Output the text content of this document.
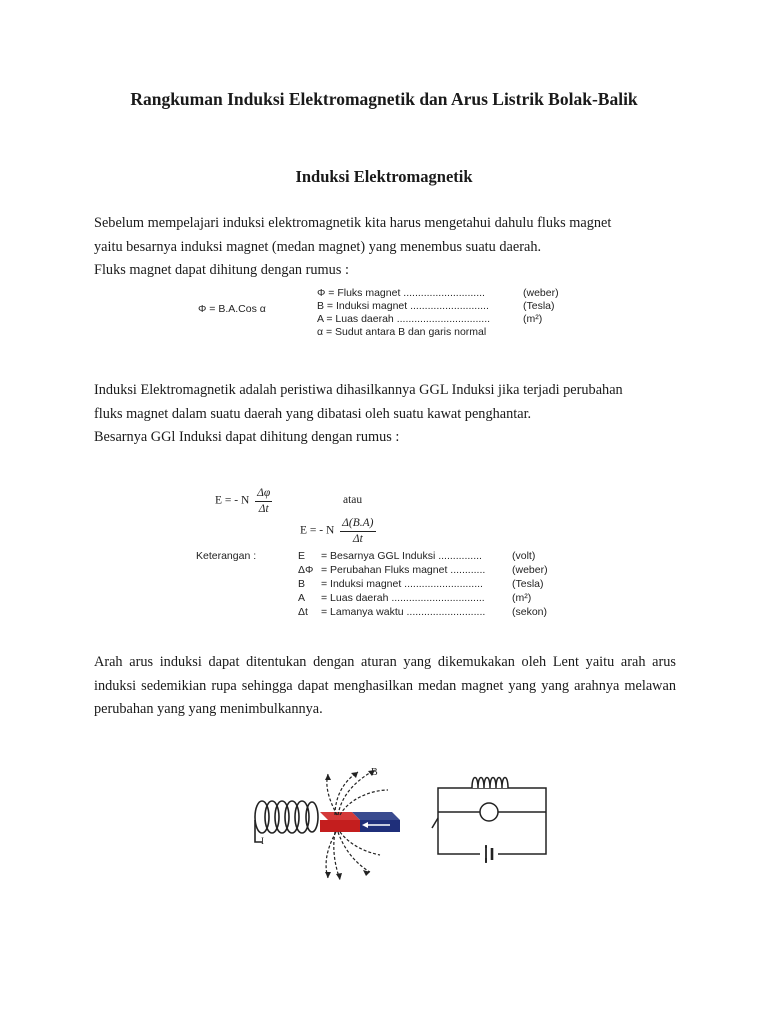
Rangkuman Induksi Elektromagnetik dan Arus Listrik Bolak-Balik
Induksi Elektromagnetik
Sebelum mempelajari induksi elektromagnetik kita harus mengetahui dahulu fluks magnet
yaitu besarnya induksi magnet (medan magnet) yang menembus suatu daerah.
Fluks magnet dapat dihitung dengan rumus :
Φ = B.A.Cos α
Φ = Fluks magnet ............................	(weber)
B = Induksi magnet ...........................	(Tesla)
A = Luas daerah ................................	(m²)
α = Sudut antara B dan garis normal
Induksi Elektromagnetik adalah peristiwa dihasilkannya GGL Induksi jika terjadi perubahan
fluks magnet dalam suatu daerah yang dibatasi oleh suatu kawat penghantar.
Besarnya GGl Induksi dapat dihitung dengan rumus :
E = - N $\frac{\Delta\varphi}{\Delta t}$	atau
E = - N $\frac{\Delta(B.A)}{\Delta t}$
Keterangan :	E = Besarnya GGL Induksi ...............	(volt)
ΔΦ = Perubahan Fluks magnet ............	(weber)
B = Induksi magnet ...........................	(Tesla)
A = Luas daerah ................................	(m²)
Δt = Lamanya waktu ...........................	(sekon)
Arah arus induksi dapat ditentukan dengan aturan yang dikemukakan oleh Lent yaitu arah arus induksi sedemikian rupa sehingga dapat menghasilkan medan magnet yang yang arahnya melawan perubahan yang yang menimbulkannya.
I
B
